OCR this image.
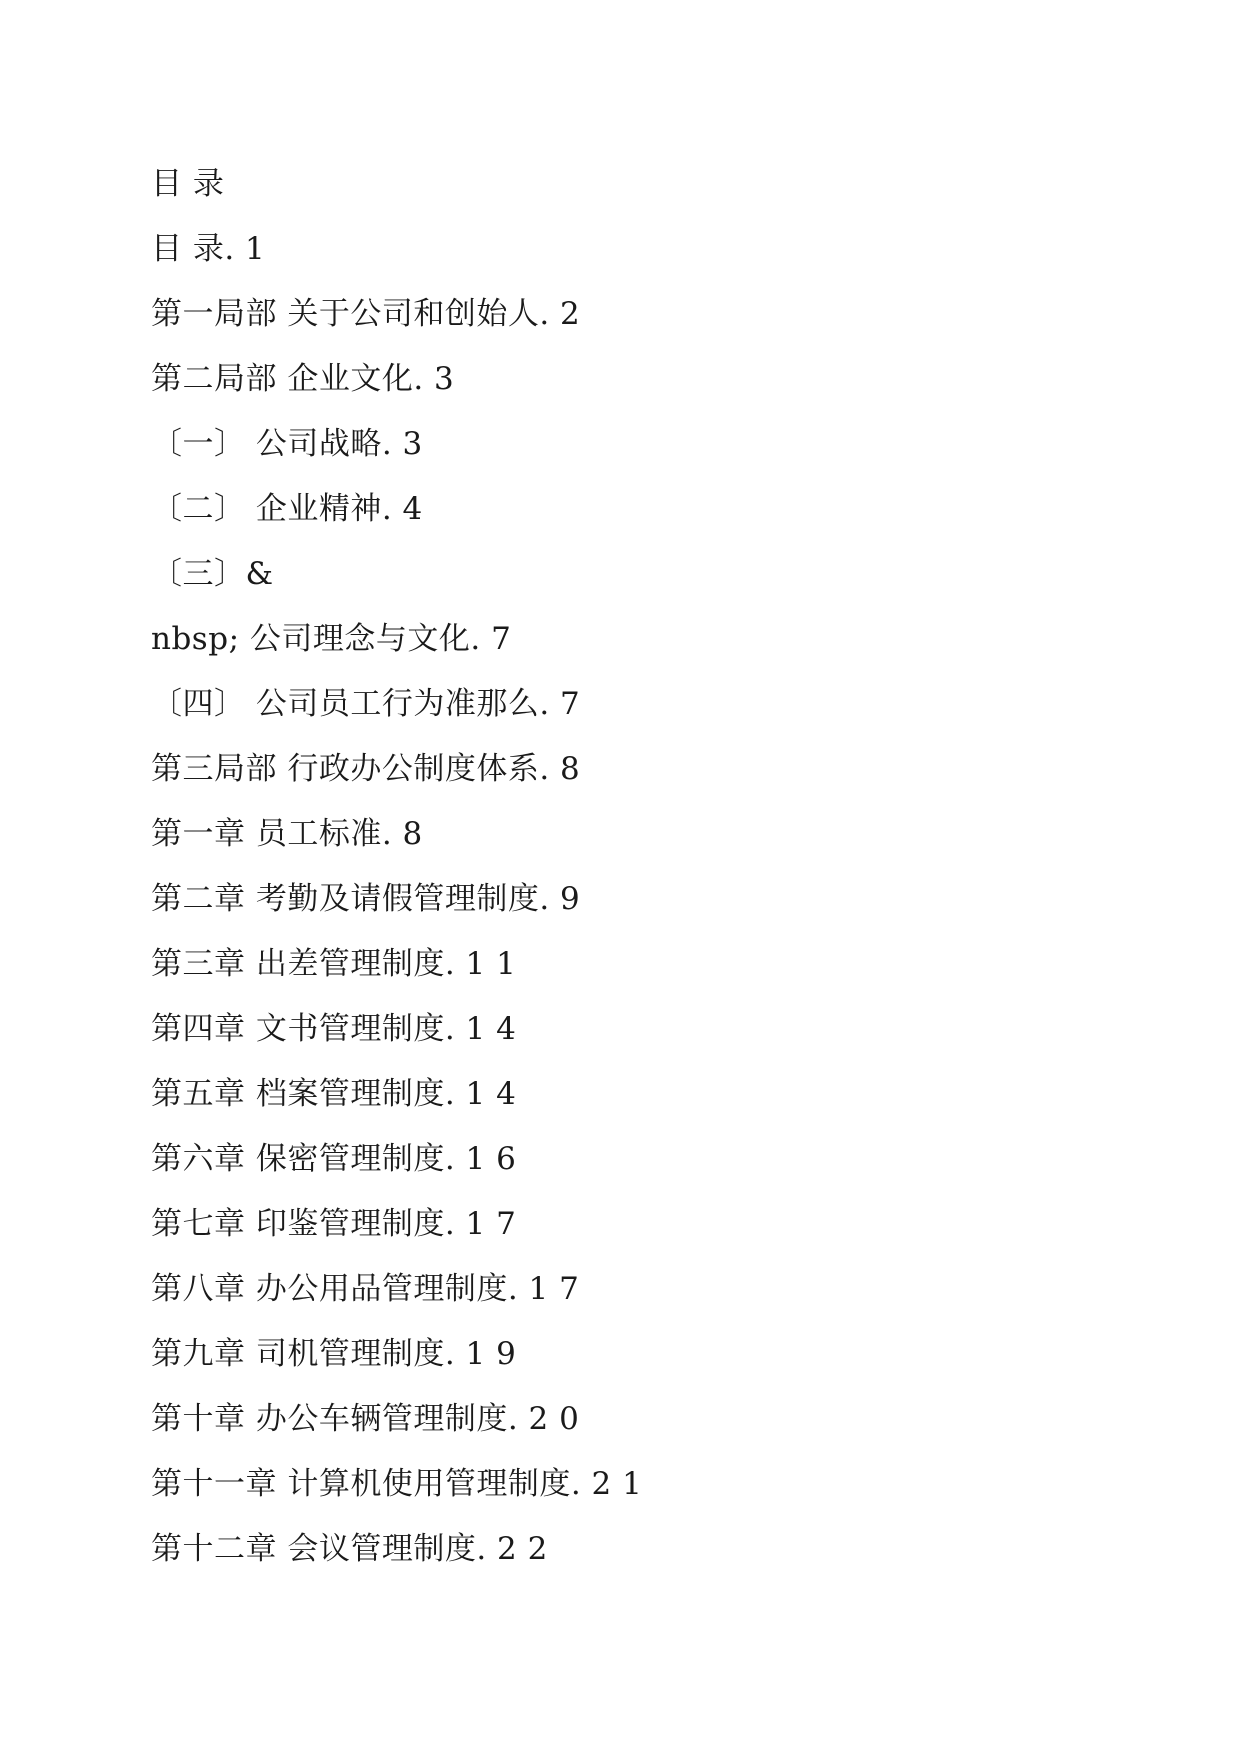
目 录
目 录. 1
第一局部 关于公司和创始人. 2
第二局部 企业文化. 3
〔一〕 公司战略. 3
〔二〕 企业精神. 4
〔三〕&
nbsp; 公司理念与文化. 7
〔四〕 公司员工行为准那么. 7
第三局部 行政办公制度体系. 8
第一章 员工标准. 8
第二章 考勤及请假管理制度. 9
第三章 出差管理制度. 1 1
第四章 文书管理制度. 1 4
第五章 档案管理制度. 1 4
第六章 保密管理制度. 1 6
第七章 印鉴管理制度. 1 7
第八章 办公用品管理制度. 1 7
第九章 司机管理制度. 1 9
第十章 办公车辆管理制度. 2 0
第十一章 计算机使用管理制度. 2 1
第十二章 会议管理制度. 2 2
